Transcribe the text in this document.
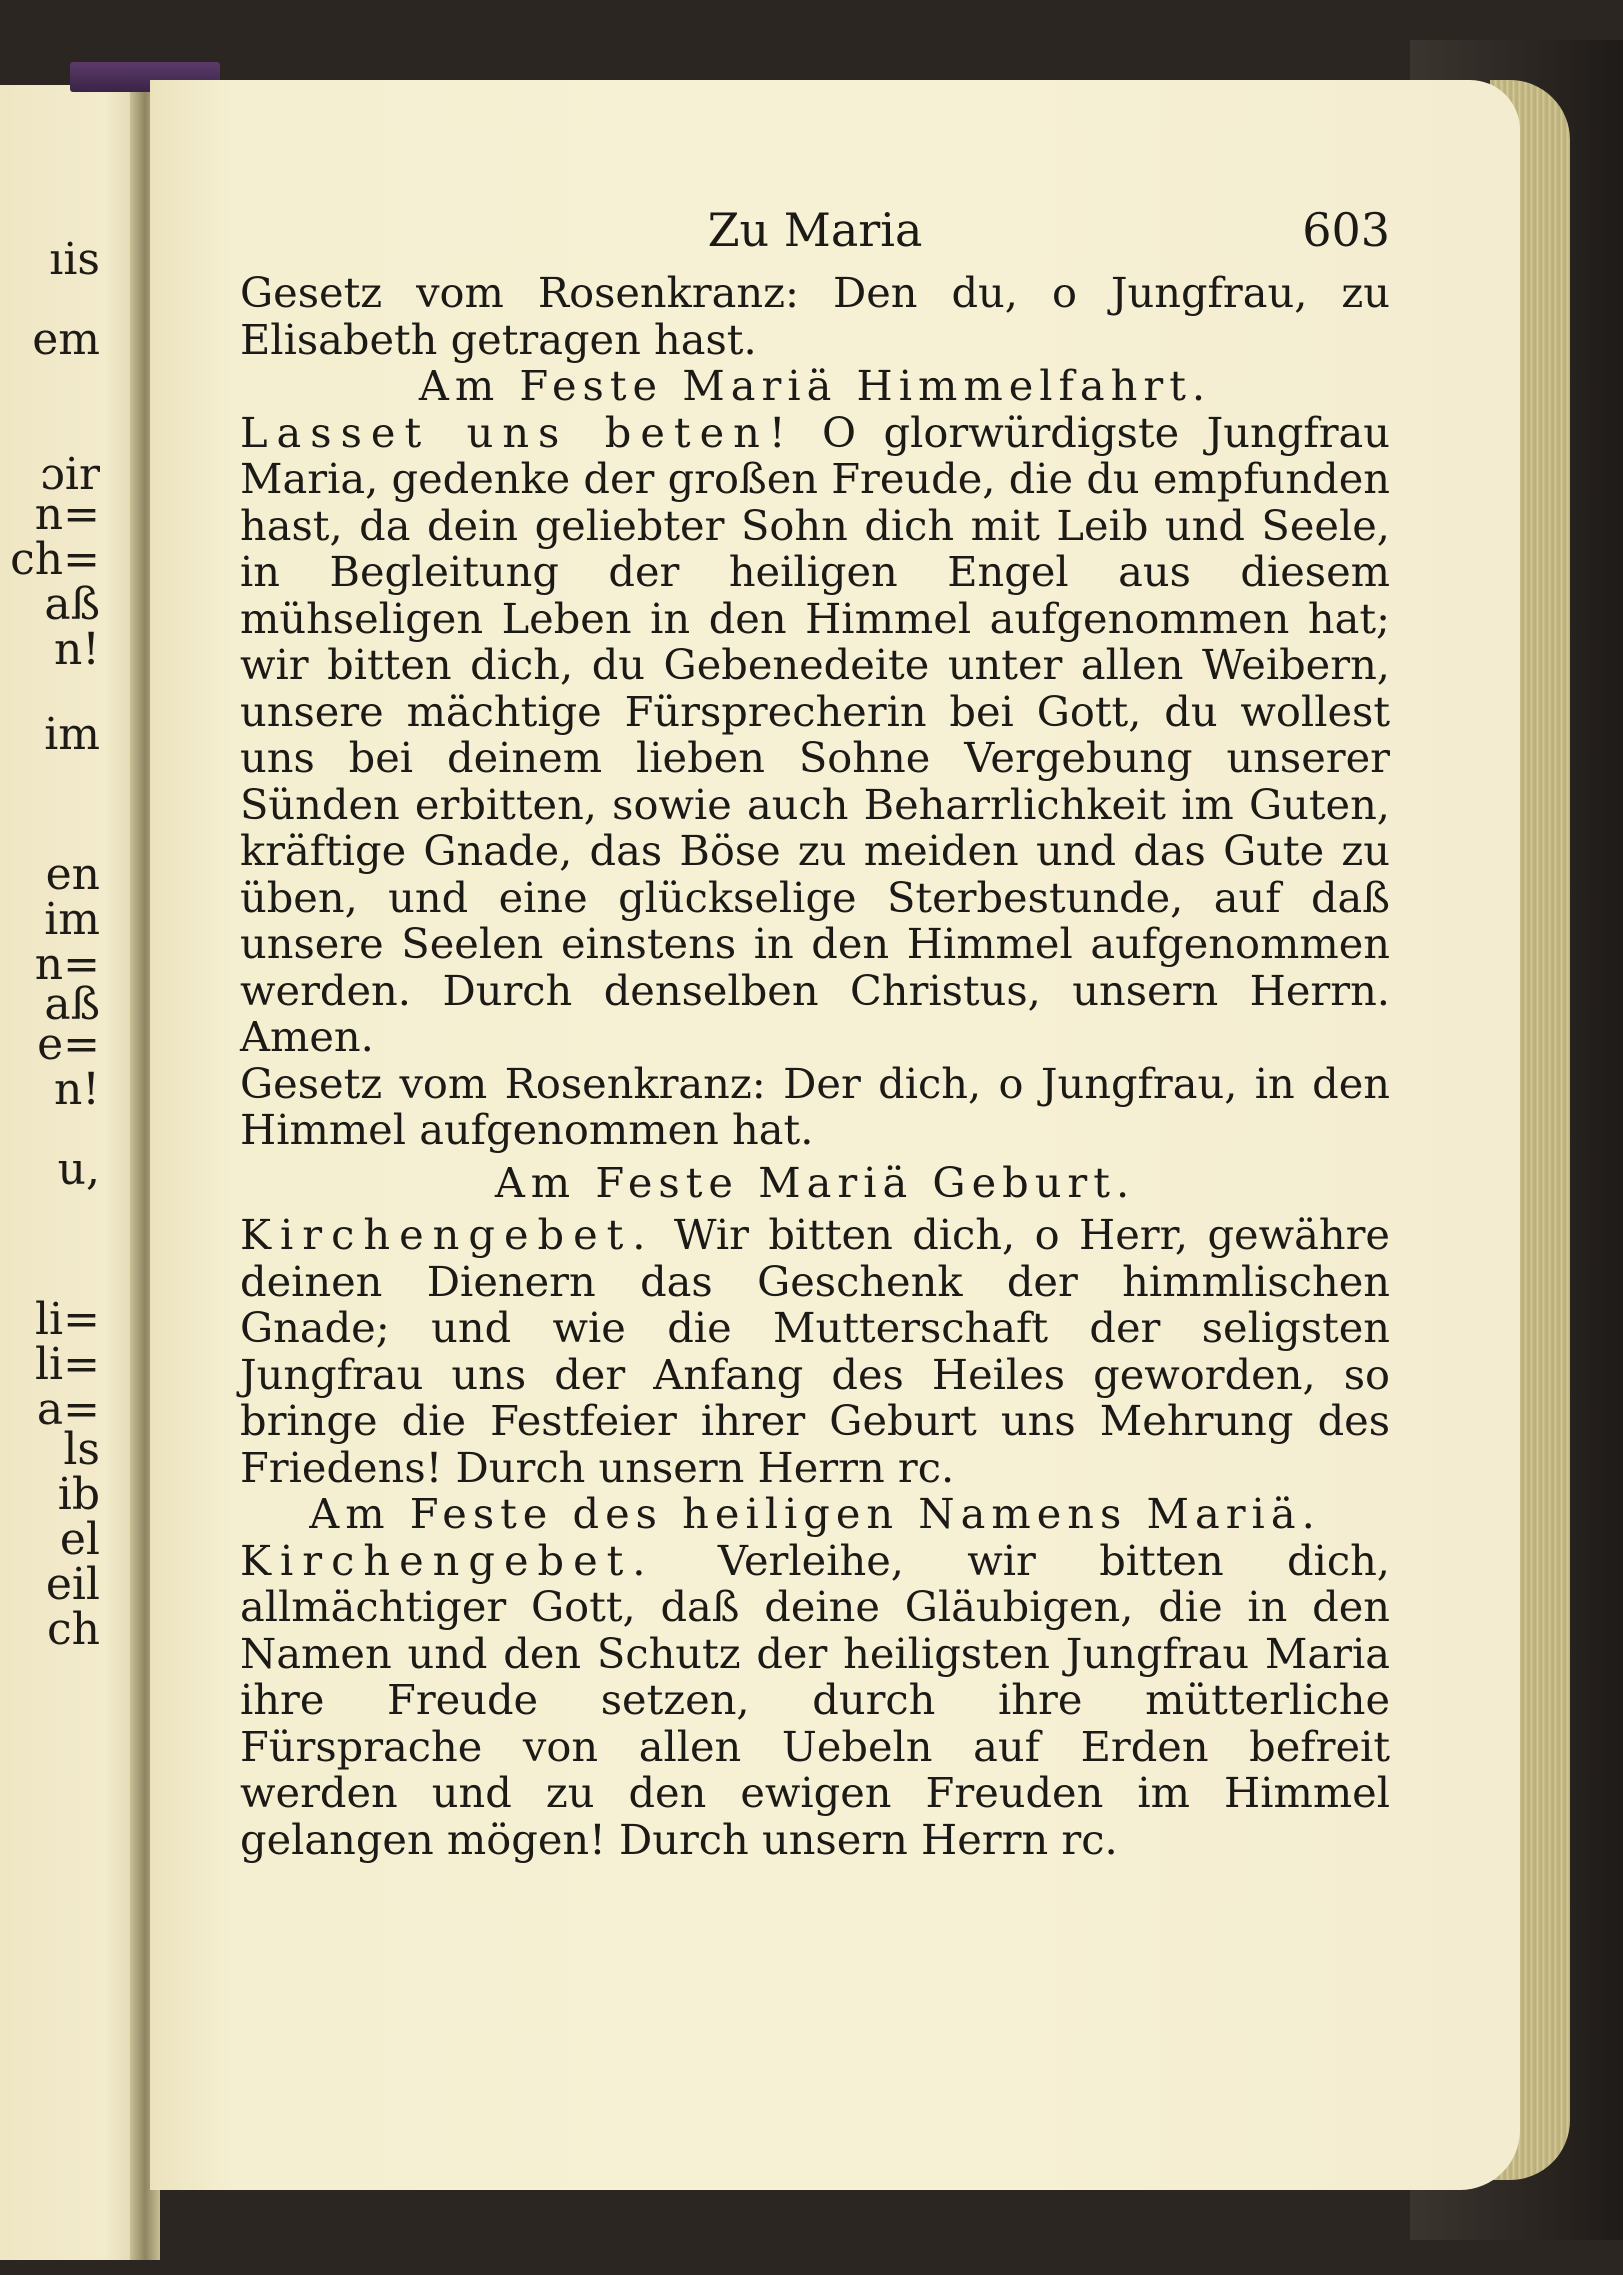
ıis
em
ɔir
n=
ch=
aß
n!
im
en
im
n=
aß
e=
n!
u,
li=
li=
a=
ls
ib
el
eil
ch
Zu Maria	603

Gesetz vom Rosenkranz: Den du, o Jungfrau, zu Elisabeth getragen hast.

Am Feste Mariä Himmelfahrt.

Lasset uns beten! O glorwürdigste Jungfrau Maria, gedenke der großen Freude, die du empfunden hast, da dein geliebter Sohn dich mit Leib und Seele, in Begleitung der heiligen Engel aus diesem mühseligen Leben in den Himmel aufgenommen hat; wir bitten dich, du Gebenedeite unter allen Weibern, unsere mächtige Fürsprecherin bei Gott, du wollest uns bei deinem lieben Sohne Vergebung unserer Sünden erbitten, sowie auch Beharrlichkeit im Guten, kräftige Gnade, das Böse zu meiden und das Gute zu üben, und eine glückselige Sterbestunde, auf daß unsere Seelen einstens in den Himmel aufgenommen werden. Durch denselben Christus, unsern Herrn. Amen.

Gesetz vom Rosenkranz: Der dich, o Jungfrau, in den Himmel aufgenommen hat.

Am Feste Mariä Geburt.

Kirchengebet. Wir bitten dich, o Herr, gewähre deinen Dienern das Geschenk der himmlischen Gnade; und wie die Mutterschaft der seligsten Jungfrau uns der Anfang des Heiles geworden, so bringe die Festfeier ihrer Geburt uns Mehrung des Friedens! Durch unsern Herrn rc.

Am Feste des heiligen Namens Mariä.

Kirchengebet. Verleihe, wir bitten dich, allmächtiger Gott, daß deine Gläubigen, die in den Namen und den Schutz der heiligsten Jungfrau Maria ihre Freude setzen, durch ihre mütterliche Fürsprache von allen Uebeln auf Erden befreit werden und zu den ewigen Freuden im Himmel gelangen mögen! Durch unsern Herrn rc.
